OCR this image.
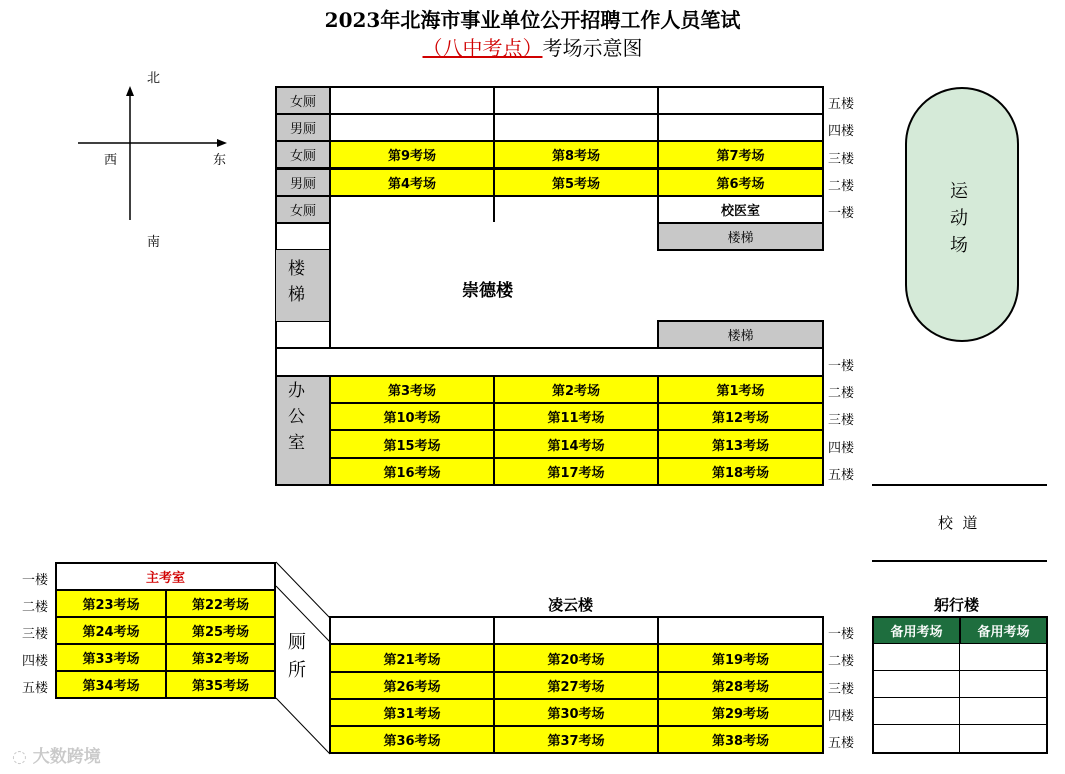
2023年北海市事业单位公开招聘工作人员笔试
（八中考点）考场示意图
北
南
西	东
女厕
男厕
女厕
男厕
女厕
第9考场	第8考场	第7考场
第4考场	第5考场	第6考场
校医室
楼
梯	崇德楼
楼梯
楼梯
办
公
室
第3考场	第2考场	第1考场
第10考场	第11考场	第12考场
第15考场	第14考场	第13考场
第16考场	第17考场	第18考场
五楼
四楼
三楼
二楼
一楼
一楼
二楼
三楼
四楼
五楼
运
动
场
校  道
主考室
第23考场	第22考场
第24考场	第25考场
第33考场	第32考场
第34考场	第35考场
一楼
二楼
三楼
四楼
五楼
厕
所
凌云楼
第21考场	第20考场	第19考场
第26考场	第27考场	第28考场
第31考场	第30考场	第29考场
第36考场	第37考场	第38考场
一楼
二楼
三楼
四楼
五楼
躬行楼
备用考场	备用考场
◌ 大数跨境
